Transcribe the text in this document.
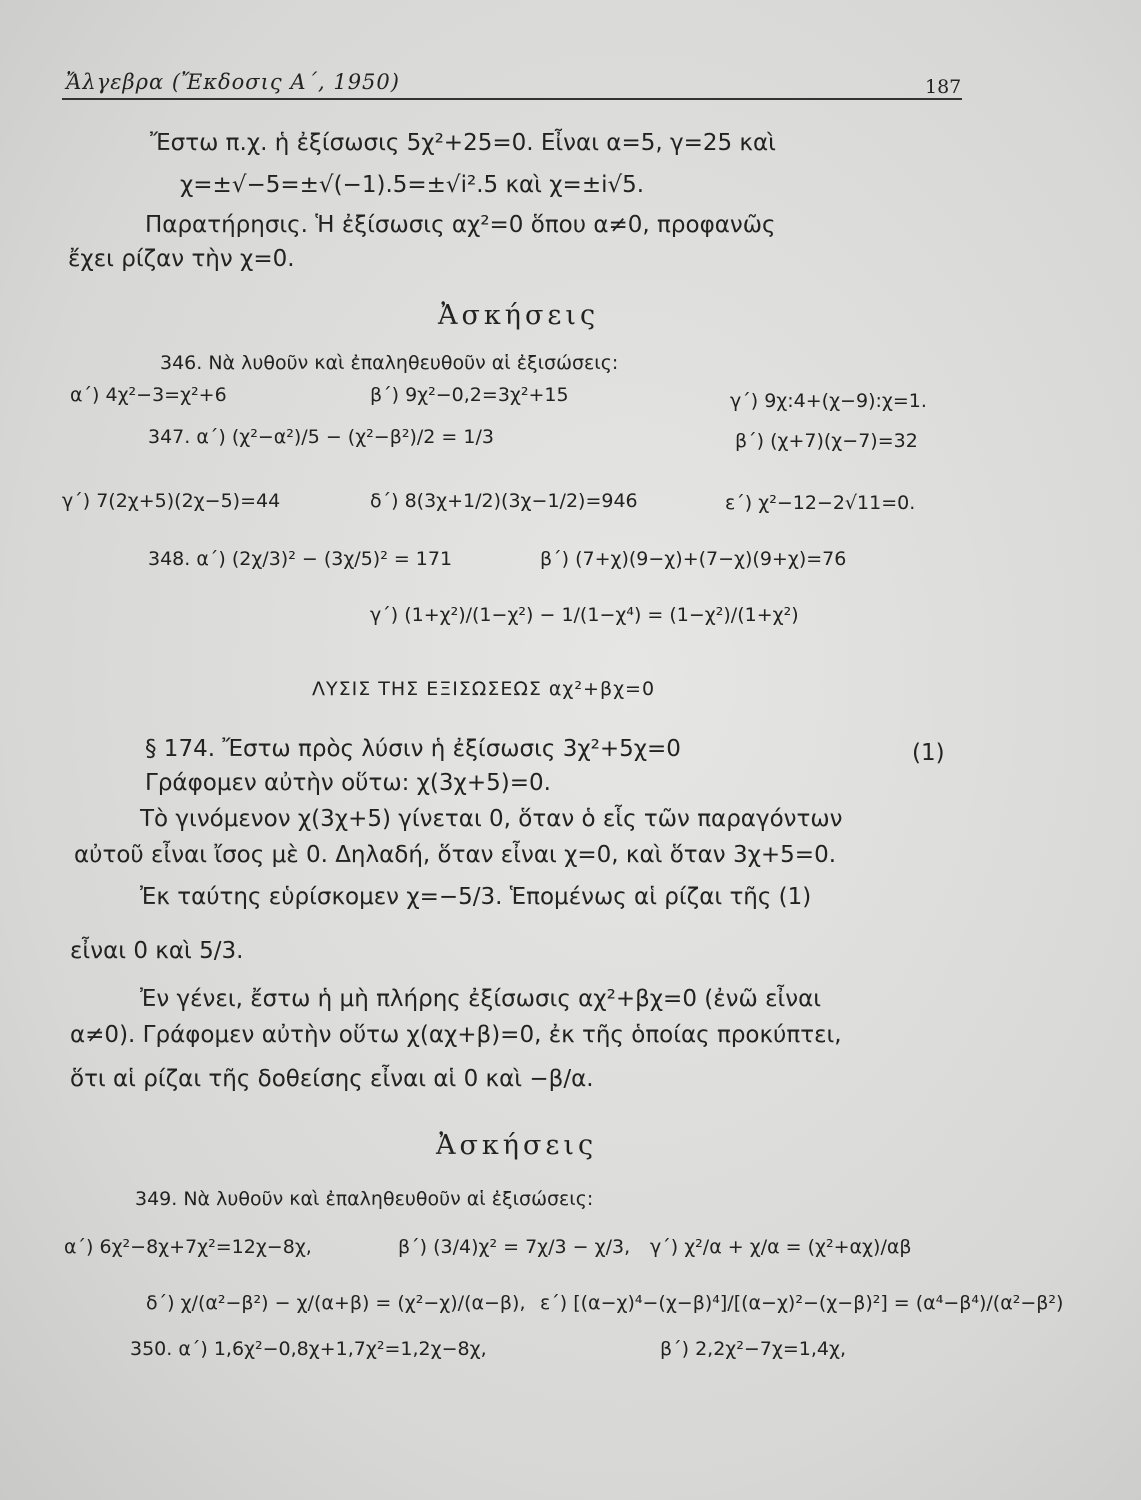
Ἄλγεβρα (Ἔκδοσις Α΄, 1950)	187
Ἔστω π.χ. ἡ ἐξίσωσις 5χ²+25=0. Εἶναι α=5, γ=25 καὶ
χ=±√−5=±√(−1).5=±√i².5 καὶ χ=±i√5.
Παρατήρησις. Ἡ ἐξίσωσις αχ²=0 ὅπου α≠0, προφανῶς
ἔχει ρίζαν τὴν χ=0.
Ἀσκήσεις
346. Νὰ λυθοῦν καὶ ἐπαληθευθοῦν αἱ ἐξισώσεις:
α΄) 4χ²−3=χ²+6	β΄) 9χ²−0,2=3χ²+15	γ΄) 9χ:4+(χ−9):χ=1.
347. α΄) (χ²−α²)/5 − (χ²−β²)/2 = 1/3	β΄) (χ+7)(χ−7)=32
γ΄) 7(2χ+5)(2χ−5)=44	δ΄) 8(3χ+1/2)(3χ−1/2)=946	ε΄) χ²−12−2√11=0.
348. α΄) (2χ/3)² − (3χ/5)² = 171	β΄) (7+χ)(9−χ)+(7−χ)(9+χ)=76
γ΄) (1+χ²)/(1−χ²) − 1/(1−χ⁴) = (1−χ²)/(1+χ²)
ΛΥΣΙΣ ΤΗΣ ΕΞΙΣΩΣΕΩΣ αχ²+βχ=0
§ 174. Ἔστω πρὸς λύσιν ἡ ἐξίσωσις 3χ²+5χ=0	(1)
Γράφομεν αὐτὴν οὕτω: χ(3χ+5)=0.
Τὸ γινόμενον χ(3χ+5) γίνεται 0, ὅταν ὁ εἷς τῶν παραγόντων
αὐτοῦ εἶναι ἴσος μὲ 0. Δηλαδή, ὅταν εἶναι χ=0, καὶ ὅταν 3χ+5=0.
Ἐκ ταύτης εὑρίσκομεν χ=−5/3. Ἑπομένως αἱ ρίζαι τῆς (1)
εἶναι 0 καὶ 5/3.
Ἐν γένει, ἔστω ἡ μὴ πλήρης ἐξίσωσις αχ²+βχ=0 (ἐνῶ εἶναι
α≠0). Γράφομεν αὐτὴν οὕτω χ(αχ+β)=0, ἐκ τῆς ὁποίας προκύπτει,
ὅτι αἱ ρίζαι τῆς δοθείσης εἶναι αἱ 0 καὶ −β/α.
Ἀσκήσεις
349. Νὰ λυθοῦν καὶ ἐπαληθευθοῦν αἱ ἐξισώσεις:
α΄) 6χ²−8χ+7χ²=12χ−8χ,	β΄) (3/4)χ² = 7χ/3 − χ/3, γ΄) χ²/α + χ/α = (χ²+αχ)/αβ
δ΄) χ/(α²−β²) − χ/(α+β) = (χ²−χ)/(α−β), ε΄) [(α−χ)⁴−(χ−β)⁴]/[(α−χ)²−(χ−β)²] = (α⁴−β⁴)/(α²−β²)
350. α΄) 1,6χ²−0,8χ+1,7χ²=1,2χ−8χ,	β΄) 2,2χ²−7χ=1,4χ,
